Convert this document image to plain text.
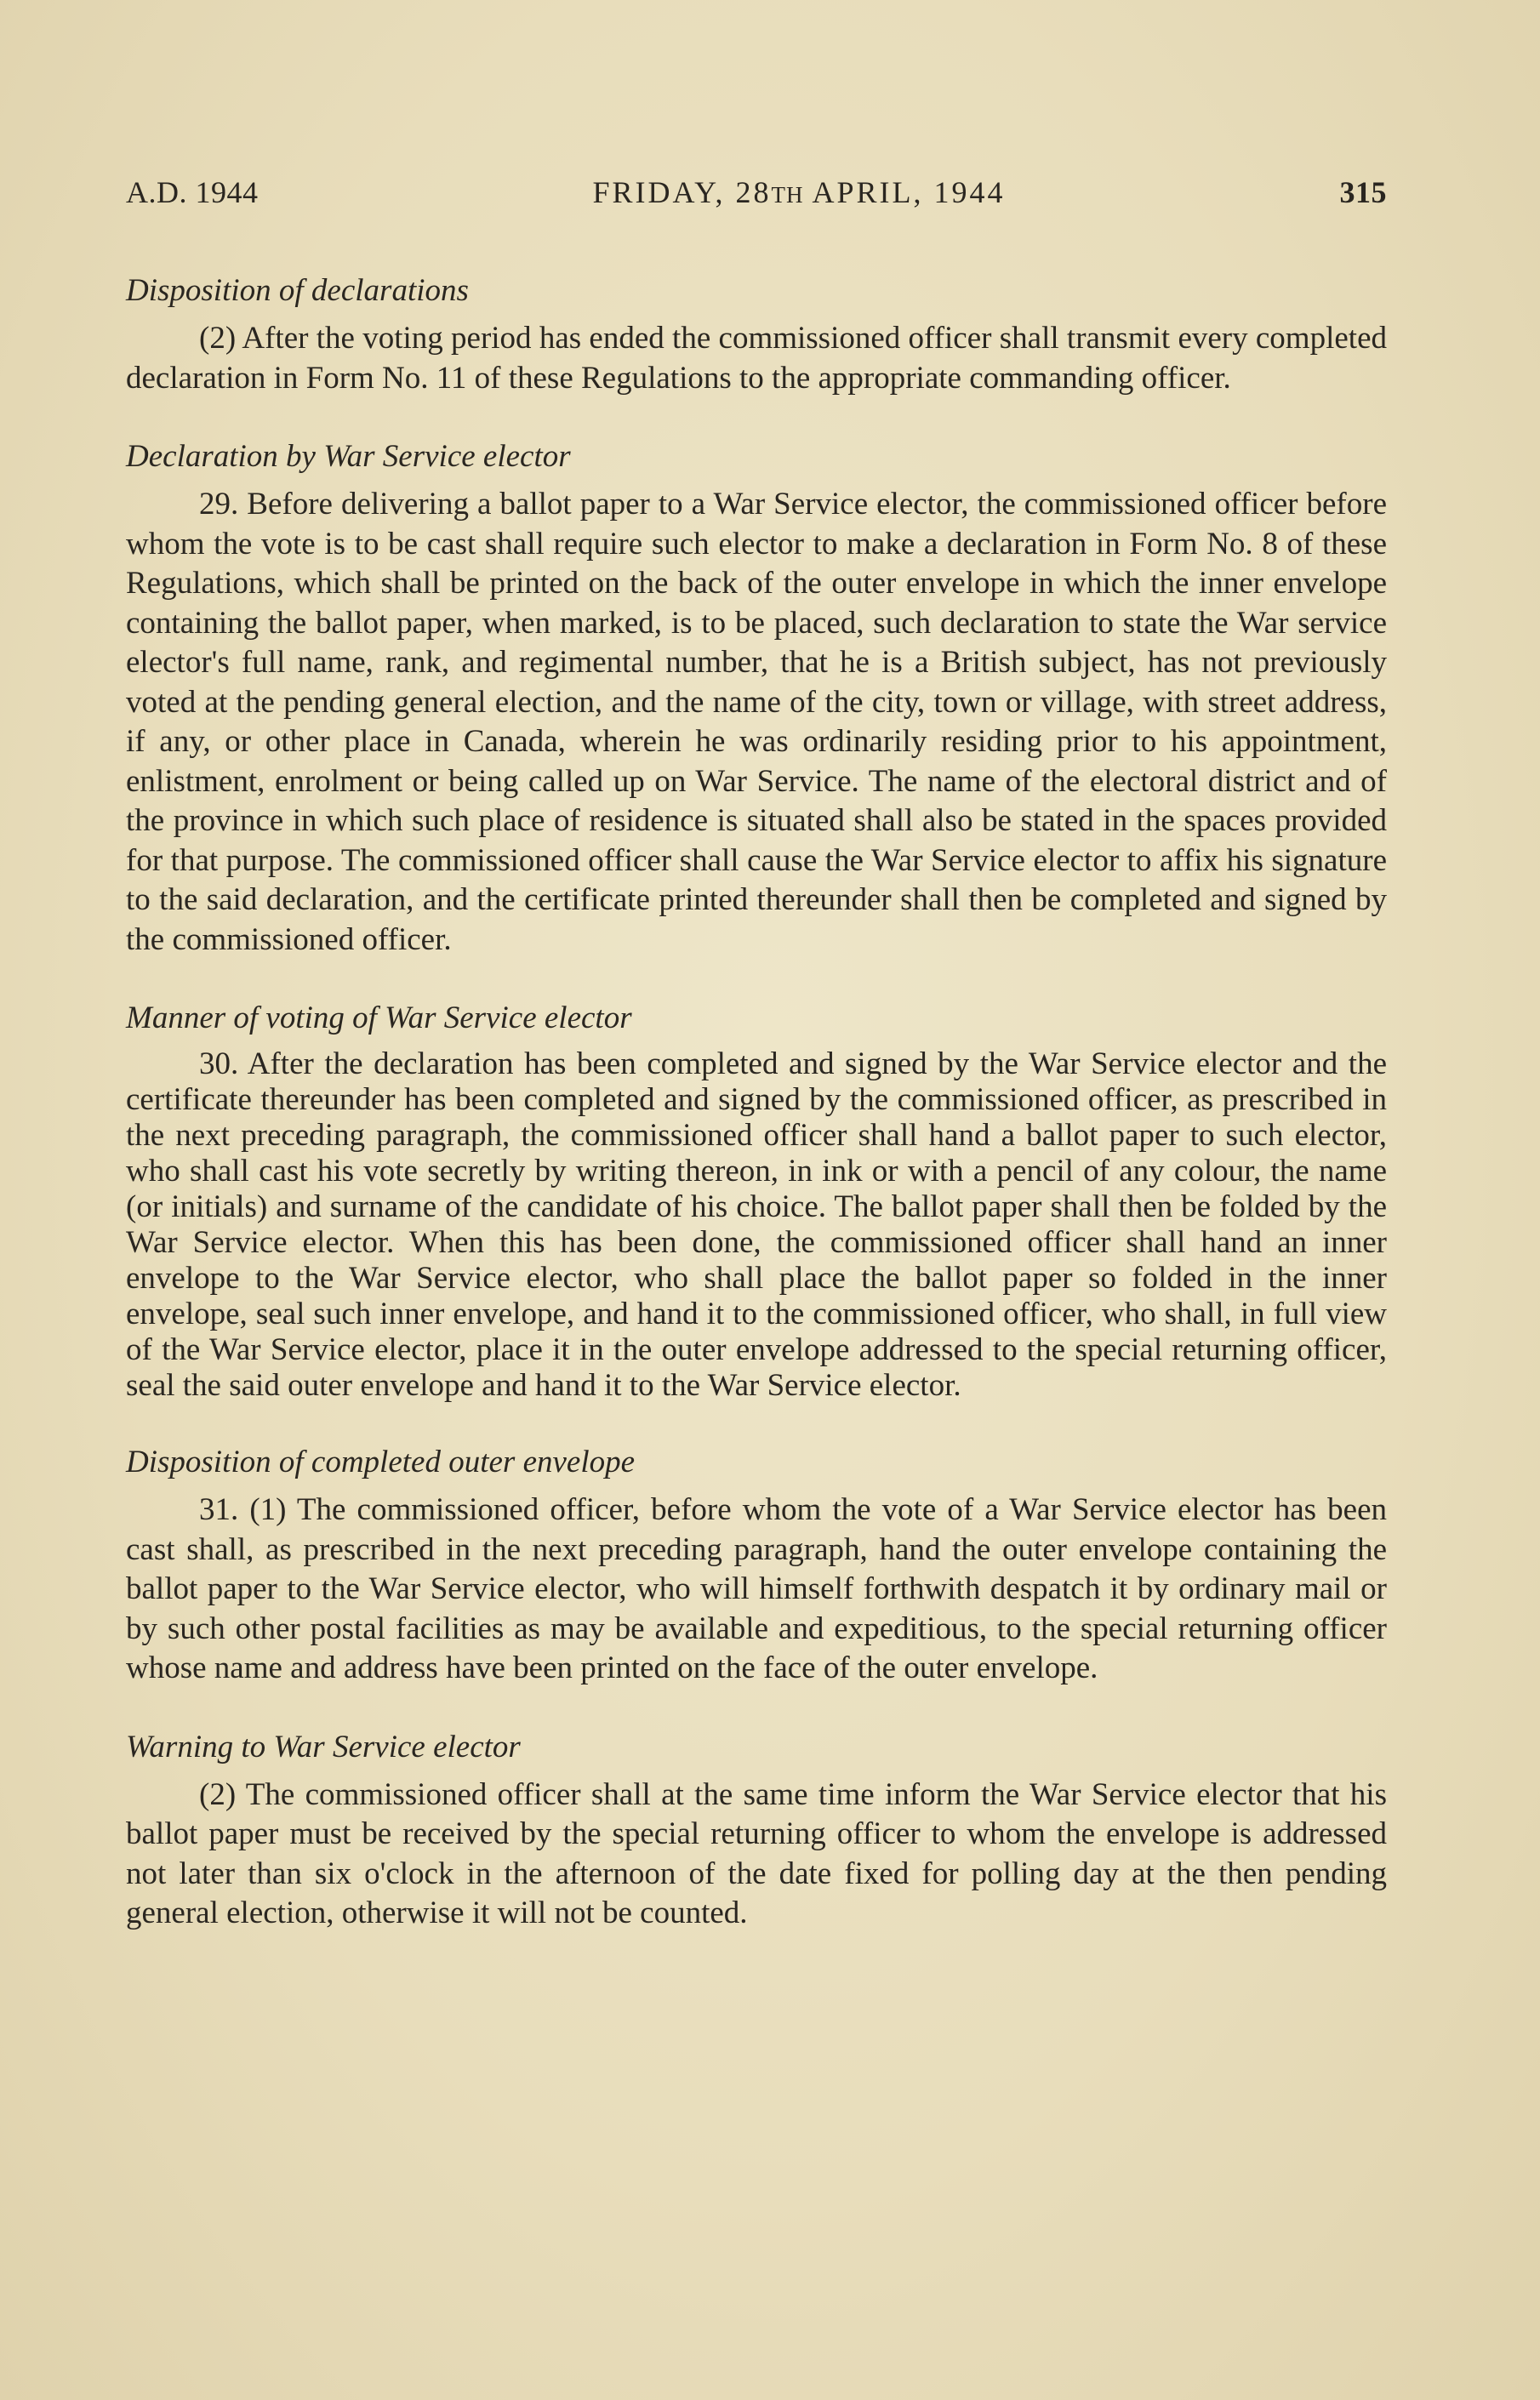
A.D. 1944	FRIDAY, 28TH APRIL, 1944	315

Disposition of declarations

(2) After the voting period has ended the commissioned officer shall transmit every completed declaration in Form No. 11 of these Regulations to the appropriate commanding officer.

Declaration by War Service elector

29. Before delivering a ballot paper to a War Service elector, the commissioned officer before whom the vote is to be cast shall require such elector to make a declaration in Form No. 8 of these Regulations, which shall be printed on the back of the outer envelope in which the inner envelope containing the ballot paper, when marked, is to be placed, such declaration to state the War service elector's full name, rank, and regimental number, that he is a British subject, has not previously voted at the pending general election, and the name of the city, town or village, with street address, if any, or other place in Canada, wherein he was ordinarily residing prior to his appointment, enlistment, enrolment or being called up on War Service. The name of the electoral district and of the province in which such place of residence is situated shall also be stated in the spaces provided for that purpose. The commissioned officer shall cause the War Service elector to affix his signature to the said declaration, and the certificate printed thereunder shall then be completed and signed by the commissioned officer.

Manner of voting of War Service elector

30. After the declaration has been completed and signed by the War Service elector and the certificate thereunder has been completed and signed by the commissioned officer, as prescribed in the next preceding paragraph, the commissioned officer shall hand a ballot paper to such elector, who shall cast his vote secretly by writing thereon, in ink or with a pencil of any colour, the name (or initials) and surname of the candidate of his choice. The ballot paper shall then be folded by the War Service elector. When this has been done, the commissioned officer shall hand an inner envelope to the War Service elector, who shall place the ballot paper so folded in the inner envelope, seal such inner envelope, and hand it to the commissioned officer, who shall, in full view of the War Service elector, place it in the outer envelope addressed to the special returning officer, seal the said outer envelope and hand it to the War Service elector.

Disposition of completed outer envelope

31. (1) The commissioned officer, before whom the vote of a War Service elector has been cast shall, as prescribed in the next preceding paragraph, hand the outer envelope containing the ballot paper to the War Service elector, who will himself forthwith despatch it by ordinary mail or by such other postal facilities as may be available and expeditious, to the special returning officer whose name and address have been printed on the face of the outer envelope.

Warning to War Service elector

(2) The commissioned officer shall at the same time inform the War Service elector that his ballot paper must be received by the special returning officer to whom the envelope is addressed not later than six o'clock in the afternoon of the date fixed for polling day at the then pending general election, otherwise it will not be counted.
